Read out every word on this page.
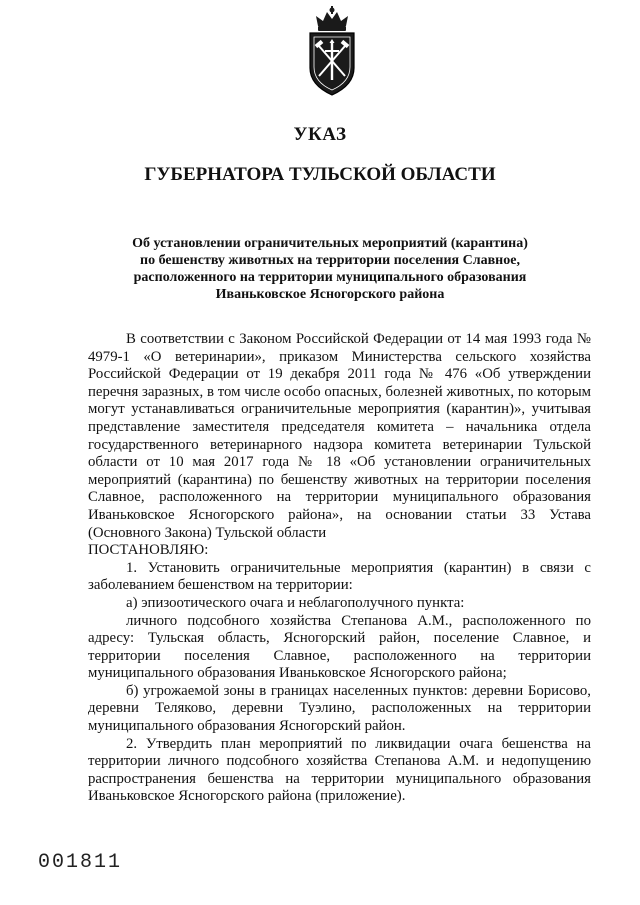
УКАЗ
ГУБЕРНАТОРА ТУЛЬСКОЙ ОБЛАСТИ
Об установлении ограничительных мероприятий (карантина)
по бешенству животных на территории поселения Славное,
расположенного на территории муниципального образования
Иваньковское Ясногорского района

В соответствии с Законом Российской Федерации от 14 мая 1993 года № 4979-1 «О ветеринарии», приказом Министерства сельского хозяйства Российской Федерации от 19 декабря 2011 года № 476 «Об утверждении перечня заразных, в том числе особо опасных, болезней животных, по которым могут устанавливаться ограничительные мероприятия (карантин)», учитывая представление заместителя председателя комитета – начальника отдела государственного ветеринарного надзора комитета ветеринарии Тульской области от 10 мая 2017 года № 18 «Об установлении ограничительных мероприятий (карантина) по бешенству животных на территории поселения Славное, расположенного на территории муниципального образования Иваньковское Ясногорского района», на основании статьи 33 Устава (Основного Закона) Тульской области

ПОСТАНОВЛЯЮ:

1. Установить ограничительные мероприятия (карантин) в связи с заболеванием бешенством на территории:

а) эпизоотического очага и неблагополучного пункта:

личного подсобного хозяйства Степанова А.М., расположенного по адресу: Тульская область, Ясногорский район, поселение Славное, и территории поселения Славное, расположенного на территории муниципального образования Иваньковское Ясногорского района;

б) угрожаемой зоны в границах населенных пунктов: деревни Борисово, деревни Теляково, деревни Туэлино, расположенных на территории муниципального образования Ясногорский район.

2. Утвердить план мероприятий по ликвидации очага бешенства на территории личного подсобного хозяйства Степанова А.М. и недопущению распространения бешенства на территории муниципального образования Иваньковское Ясногорского района (приложение).

001811
